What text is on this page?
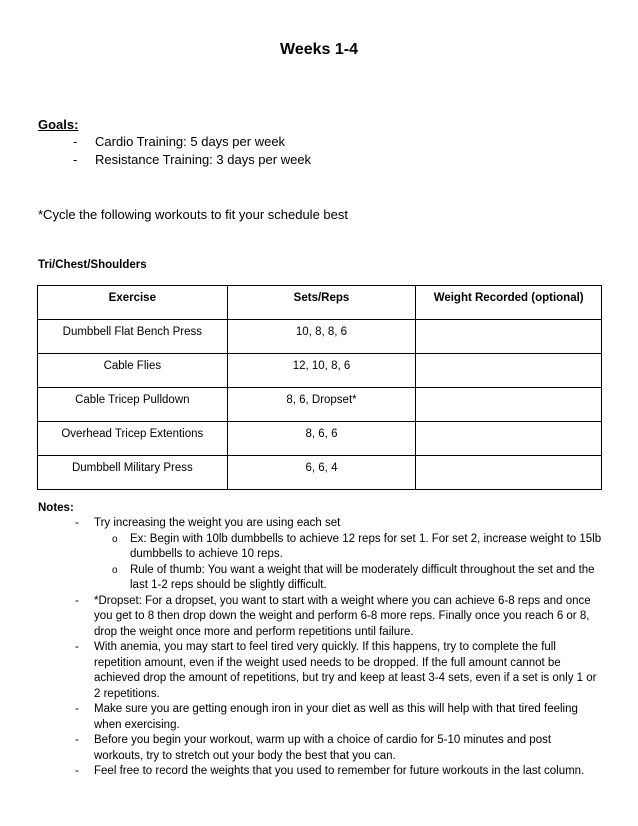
Weeks 1-4
Goals:
- Cardio Training: 5 days per week
- Resistance Training: 3 days per week
*Cycle the following workouts to fit your schedule best
Tri/Chest/Shoulders
Exercise	Sets/Reps	Weight Recorded (optional)
Dumbbell Flat Bench Press	10, 8, 8, 6	
Cable Flies	12, 10, 8, 6	
Cable Tricep Pulldown	8, 6, Dropset*	
Overhead Tricep Extentions	8, 6, 6	
Dumbbell Military Press	6, 6, 4	
Notes:
- Try increasing the weight you are using each set
o Ex: Begin with 10lb dumbbells to achieve 12 reps for set 1. For set 2, increase weight to 15lb dumbbells to achieve 10 reps.
o Rule of thumb: You want a weight that will be moderately difficult throughout the set and the last 1-2 reps should be slightly difficult.
- *Dropset: For a dropset, you want to start with a weight where you can achieve 6-8 reps and once you get to 8 then drop down the weight and perform 6-8 more reps. Finally once you reach 6 or 8, drop the weight once more and perform repetitions until failure.
- With anemia, you may start to feel tired very quickly. If this happens, try to complete the full repetition amount, even if the weight used needs to be dropped. If the full amount cannot be achieved drop the amount of repetitions, but try and keep at least 3-4 sets, even if a set is only 1 or 2 repetitions.
- Make sure you are getting enough iron in your diet as well as this will help with that tired feeling when exercising.
- Before you begin your workout, warm up with a choice of cardio for 5-10 minutes and post workouts, try to stretch out your body the best that you can.
- Feel free to record the weights that you used to remember for future workouts in the last column.
